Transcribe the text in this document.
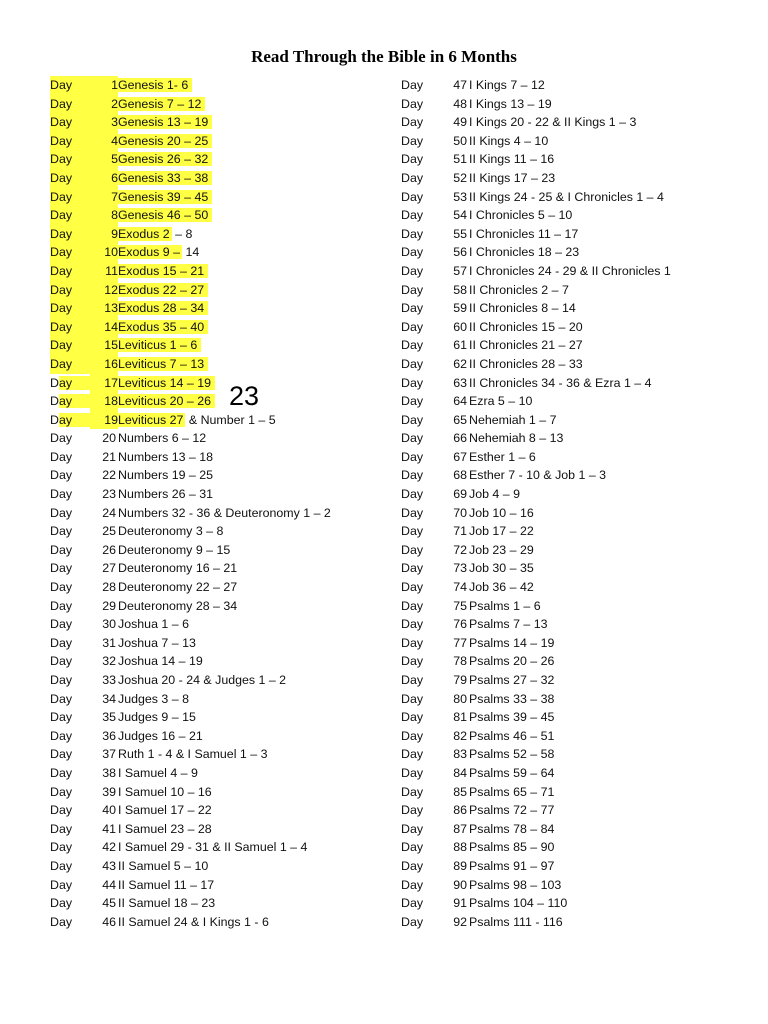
Read Through the Bible in 6 Months
Day	1 Genesis 1- 6
Day	2 Genesis 7 – 12
Day	3 Genesis 13 – 19
Day	4 Genesis 20 – 25
Day	5 Genesis 26 – 32
Day	6 Genesis 33 – 38
Day	7 Genesis 39 – 45
Day	8 Genesis 46 – 50
Day	9 Exodus 2 – 8
Day	10 Exodus 9 – 14
Day	11 Exodus 15 – 21
Day	12 Exodus 22 – 27
Day	13 Exodus 28 – 34
Day	14 Exodus 35 – 40
Day	15 Leviticus 1 – 6
Day	16 Leviticus 7 – 13
Day	17 Leviticus 14 – 19
Day	18 Leviticus 20 – 26
Day	19 Leviticus 27 & Number 1 – 5
Day	20 Numbers 6 – 12
Day	21 Numbers 13 – 18
Day	22 Numbers 19 – 25
Day	23 Numbers 26 – 31
Day	24 Numbers 32 - 36 & Deuteronomy 1 – 2
Day	25 Deuteronomy 3 – 8
Day	26 Deuteronomy 9 – 15
Day	27 Deuteronomy 16 – 21
Day	28 Deuteronomy 22 – 27
Day	29 Deuteronomy 28 – 34
Day	30 Joshua 1 – 6
Day	31 Joshua 7 – 13
Day	32 Joshua 14 – 19
Day	33 Joshua 20 - 24 & Judges 1 – 2
Day	34 Judges 3 – 8
Day	35 Judges 9 – 15
Day	36 Judges 16 – 21
Day	37 Ruth 1 - 4 & I Samuel 1 – 3
Day	38 I Samuel 4 – 9
Day	39 I Samuel 10 – 16
Day	40 I Samuel 17 – 22
Day	41 I Samuel 23 – 28
Day	42 I Samuel 29 - 31 & II Samuel 1 – 4
Day	43 II Samuel 5 – 10
Day	44 II Samuel 11 – 17
Day	45 II Samuel 18 – 23
Day	46 II Samuel 24 & I Kings 1 - 6
Day	47 I Kings 7 – 12
Day	48 I Kings 13 – 19
Day	49 I Kings 20 - 22 & II Kings 1 – 3
Day	50 II Kings 4 – 10
Day	51 II Kings 11 – 16
Day	52 II Kings 17 – 23
Day	53 II Kings 24 - 25 & I Chronicles 1 – 4
Day	54 I Chronicles 5 – 10
Day	55 I Chronicles 11 – 17
Day	56 I Chronicles 18 – 23
Day	57 I Chronicles 24 - 29 & II Chronicles 1
Day	58 II Chronicles 2 – 7
Day	59 II Chronicles 8 – 14
Day	60 II Chronicles 15 – 20
Day	61 II Chronicles 21 – 27
Day	62 II Chronicles 28 – 33
Day	63 II Chronicles 34 - 36 & Ezra 1 – 4
Day	64 Ezra 5 – 10
Day	65 Nehemiah 1 – 7
Day	66 Nehemiah 8 – 13
Day	67 Esther 1 – 6
Day	68 Esther 7 - 10 & Job 1 – 3
Day	69 Job 4 – 9
Day	70 Job 10 – 16
Day	71 Job 17 – 22
Day	72 Job 23 – 29
Day	73 Job 30 – 35
Day	74 Job 36 – 42
Day	75 Psalms 1 – 6
Day	76 Psalms 7 – 13
Day	77 Psalms 14 – 19
Day	78 Psalms 20 – 26
Day	79 Psalms 27 – 32
Day	80 Psalms 33 – 38
Day	81 Psalms 39 – 45
Day	82 Psalms 46 – 51
Day	83 Psalms 52 – 58
Day	84 Psalms 59 – 64
Day	85 Psalms 65 – 71
Day	86 Psalms 72 – 77
Day	87 Psalms 78 – 84
Day	88 Psalms 85 – 90
Day	89 Psalms 91 – 97
Day	90 Psalms 98 – 103
Day	91 Psalms 104 – 110
Day	92 Psalms 111 - 116
23
